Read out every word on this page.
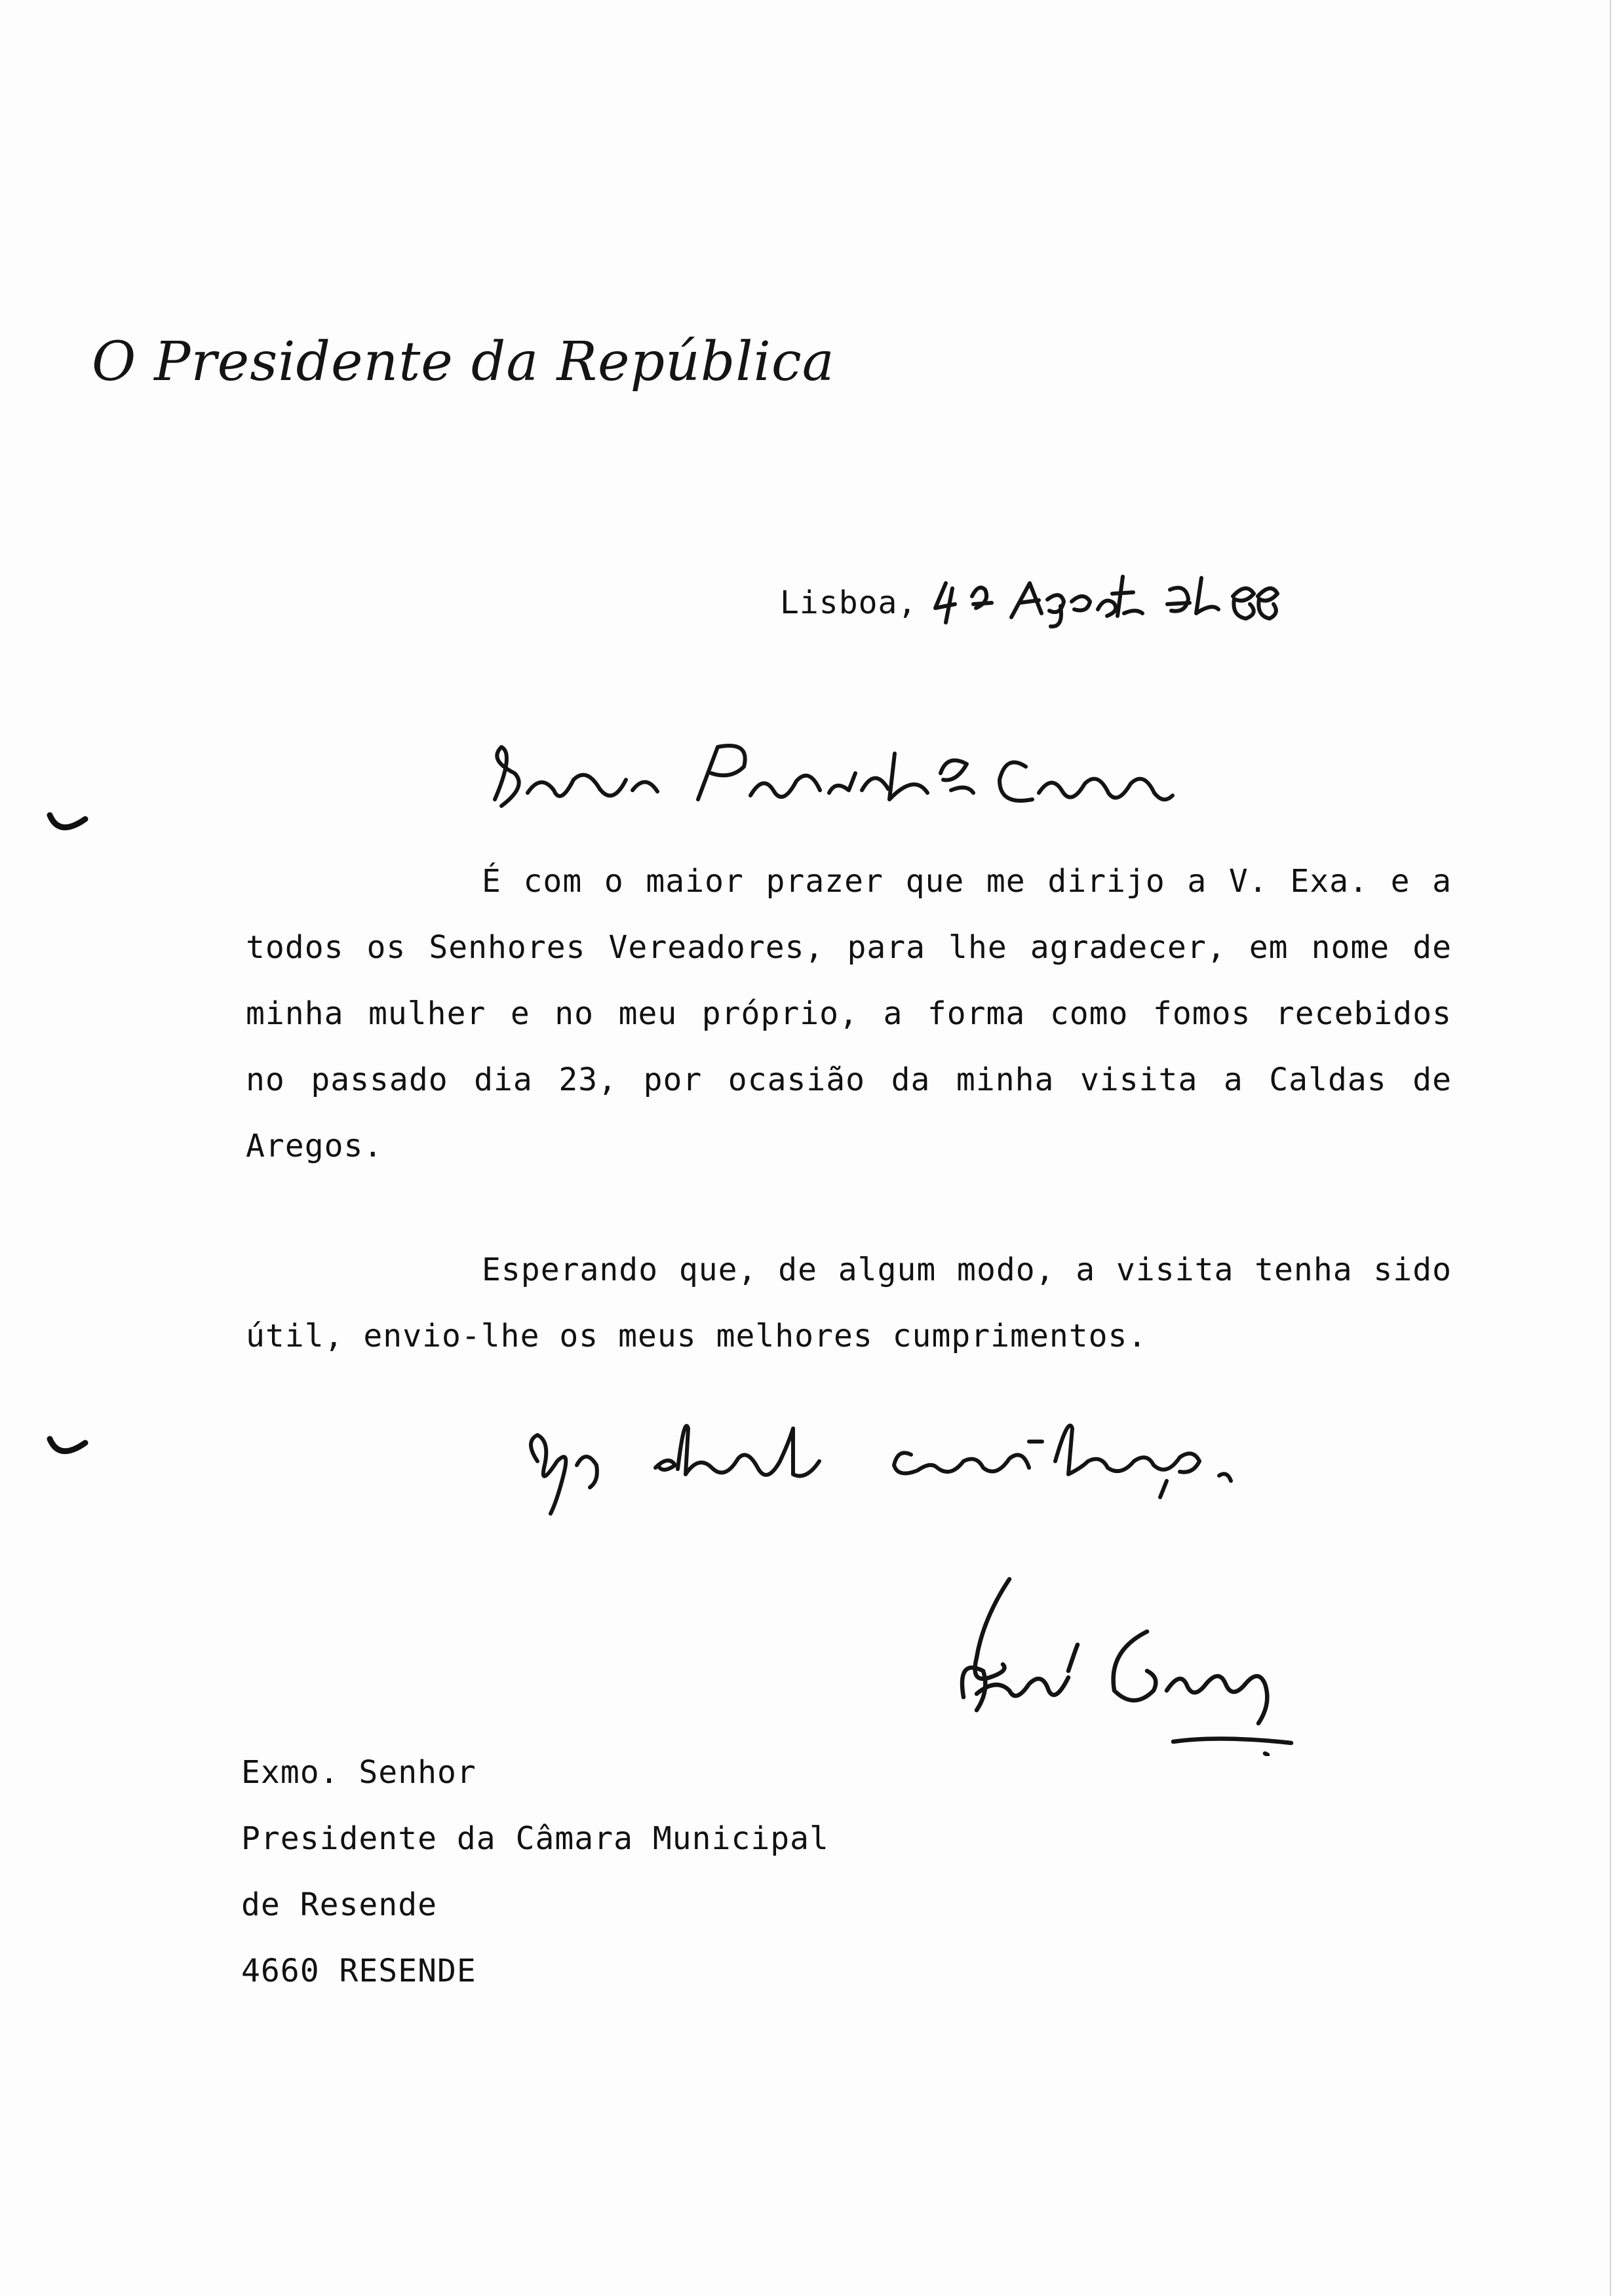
O Presidente da República
Lisboa,

É com o maior prazer que me dirijo a V. Exa. e a todos os Senhores Vereadores, para lhe agradecer, em nome de minha mulher e no meu próprio, a forma como fomos recebidos no passado dia 23, por ocasião da minha visita a Caldas de Aregos.

Esperando que, de algum modo, a visita tenha sido útil, envio-lhe os meus melhores cumprimentos.

Exmo. Senhor
Presidente da Câmara Municipal
de Resende
4660 RESENDE
